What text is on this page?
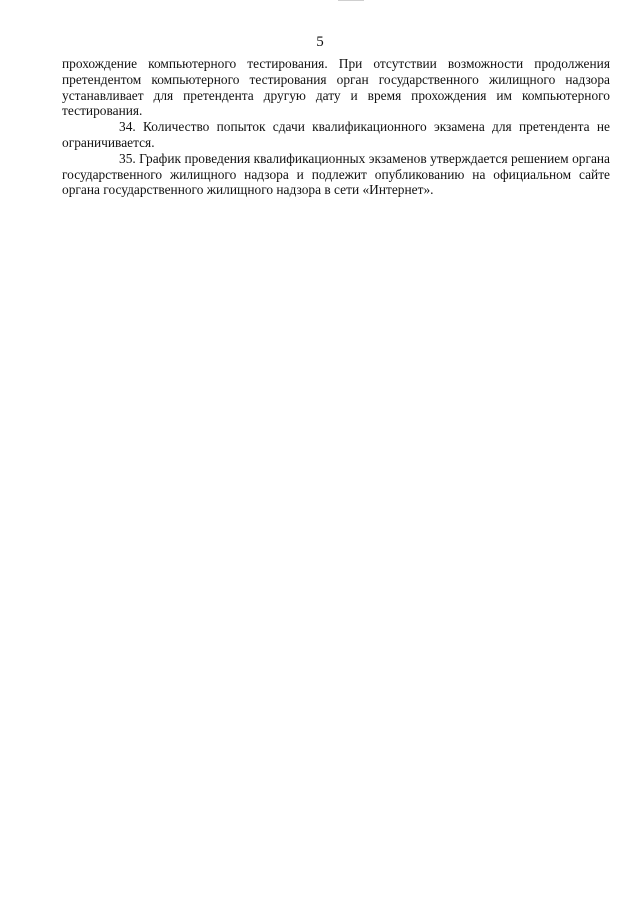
5

прохождение компьютерного тестирования. При отсутствии возможности продолжения претендентом компьютерного тестирования орган государственного жилищного надзора устанавливает для претендента другую дату и время прохождения им компьютерного тестирования.

34. Количество попыток сдачи квалификационного экзамена для претендента не ограничивается.

35. График проведения квалификационных экзаменов утверждается решением органа государственного жилищного надзора и подлежит опубликованию на официальном сайте органа государственного жилищного надзора в сети «Интернет».
